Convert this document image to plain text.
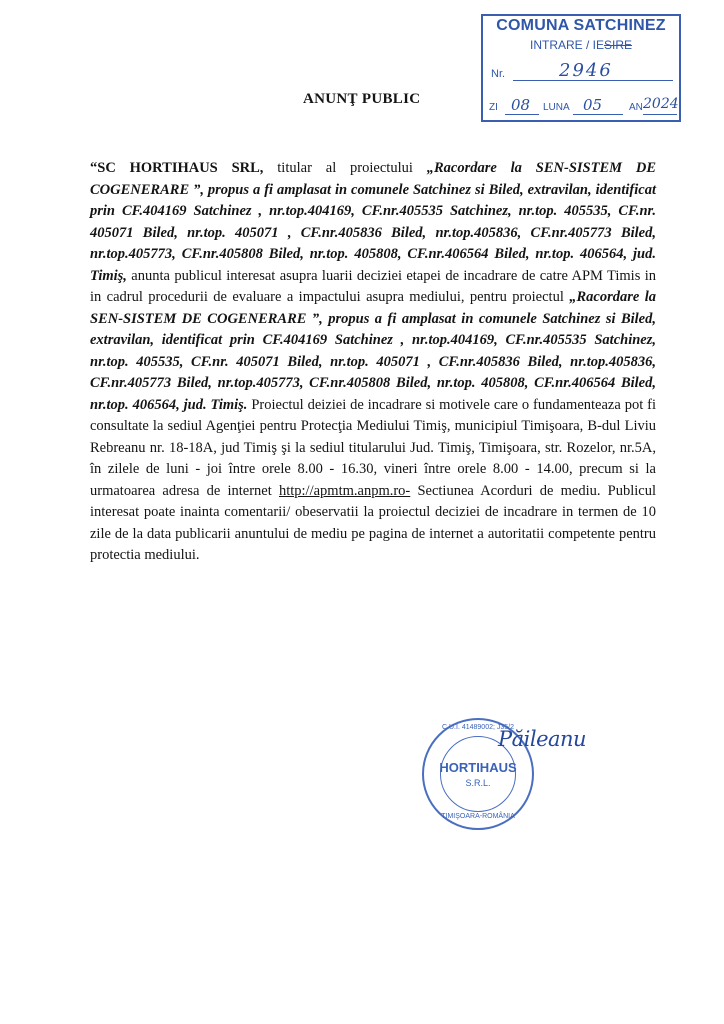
COMUNA SATCHINEZ
INTRARE / IESIRE
Nr.	2946
ZI 08 LUNA 05	AN 2024
ANUNŢ PUBLIC

“SC HORTIHAUS SRL, titular al proiectului „Racordare la SEN-SISTEM DE COGENERARE ”, propus a fi amplasat in comunele Satchinez si Biled, extravilan, identificat prin CF.404169 Satchinez , nr.top.404169, CF.nr.405535 Satchinez, nr.top. 405535, CF.nr. 405071 Biled, nr.top. 405071 , CF.nr.405836 Biled, nr.top.405836, CF.nr.405773 Biled, nr.top.405773, CF.nr.405808 Biled, nr.top. 405808, CF.nr.406564 Biled, nr.top. 406564, jud. Timiş, anunta publicul interesat asupra luarii deciziei etapei de incadrare de catre APM Timis in in cadrul procedurii de evaluare a impactului asupra mediului, pentru proiectul „Racordare la SEN-SISTEM DE COGENERARE ”, propus a fi amplasat in comunele Satchinez si Biled, extravilan, identificat prin CF.404169 Satchinez , nr.top.404169, CF.nr.405535 Satchinez, nr.top. 405535, CF.nr. 405071 Biled, nr.top. 405071 , CF.nr.405836 Biled, nr.top.405836, CF.nr.405773 Biled, nr.top.405773, CF.nr.405808 Biled, nr.top. 405808, CF.nr.406564 Biled, nr.top. 406564, jud. Timiş. Proiectul deiziei de incadrare si motivele care o fundamenteaza pot fi consultate la sediul Agenţiei pentru Protecţia Mediului Timiş, municipiul Timişoara, B-dul Liviu Rebreanu nr. 18-18A, jud Timiş şi la sediul titularului Jud. Timiş, Timişoara, str. Rozelor, nr.5A, în zilele de luni - joi între orele 8.00 - 16.30, vineri între orele 8.00 - 14.00, precum si la urmatoarea adresa de internet http://apmtm.anpm.ro- Sectiunea Acorduri de mediu. Publicul interesat poate inainta comentarii/ obeservatii la proiectul deciziei de incadrare in termen de 10 zile de la data publicarii anuntului de mediu pe pagina de internet a autoritatii competente pentru protectia mediului.

C.U.I. 41489002; J35/2
HORTIHAUS
S.R.L.
TIMIŞOARA-ROMÂNIA
Păileanu
